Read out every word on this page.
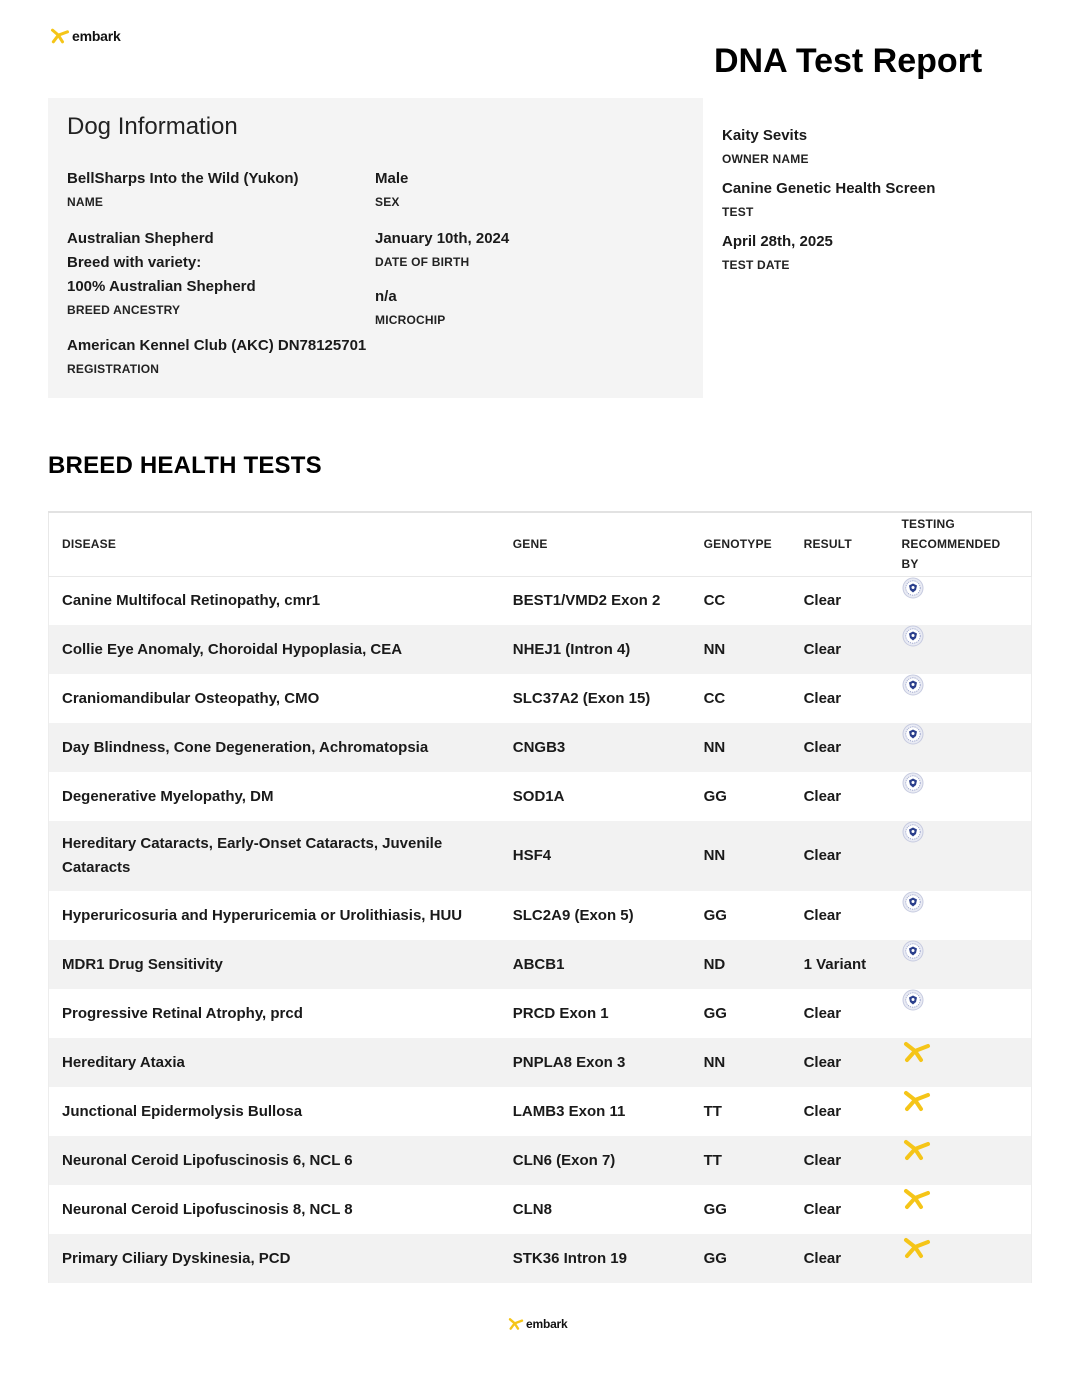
embark
DNA Test Report
Dog Information
BellSharps Into the Wild (Yukon)
NAME
Male
SEX
Australian Shepherd
Breed with variety:
100% Australian Shepherd
BREED ANCESTRY
January 10th, 2024
DATE OF BIRTH
n/a
MICROCHIP
American Kennel Club (AKC) DN78125701
REGISTRATION
Kaity Sevits
OWNER NAME
Canine Genetic Health Screen
TEST
April 28th, 2025
TEST DATE
BREED HEALTH TESTS
DISEASE	GENE	GENOTYPE	RESULT	TESTING
RECOMMENDED BY

Canine Multifocal Retinopathy, cmr1	BEST1/VMD2 Exon 2	CC	Clear	
Collie Eye Anomaly, Choroidal Hypoplasia, CEA	NHEJ1 (Intron 4)	NN	Clear	
Craniomandibular Osteopathy, CMO	SLC37A2 (Exon 15)	CC	Clear	
Day Blindness, Cone Degeneration, Achromatopsia	CNGB3	NN	Clear	
Degenerative Myelopathy, DM	SOD1A	GG	Clear	

Hereditary Cataracts, Early-Onset Cataracts, Juvenile
Cataracts	HSF4	NN	Clear	
Hyperuricosuria and Hyperuricemia or Urolithiasis, HUU	SLC2A9 (Exon 5)	GG	Clear	
MDR1 Drug Sensitivity	ABCB1	ND	1 Variant	
Progressive Retinal Atrophy, prcd	PRCD Exon 1	GG	Clear	
Hereditary Ataxia	PNPLA8 Exon 3	NN	Clear	
Junctional Epidermolysis Bullosa	LAMB3 Exon 11	TT	Clear	
Neuronal Ceroid Lipofuscinosis 6, NCL 6	CLN6 (Exon 7)	TT	Clear	
Neuronal Ceroid Lipofuscinosis 8, NCL 8	CLN8	GG	Clear	
Primary Ciliary Dyskinesia, PCD	STK36 Intron 19	GG	Clear	
embark
